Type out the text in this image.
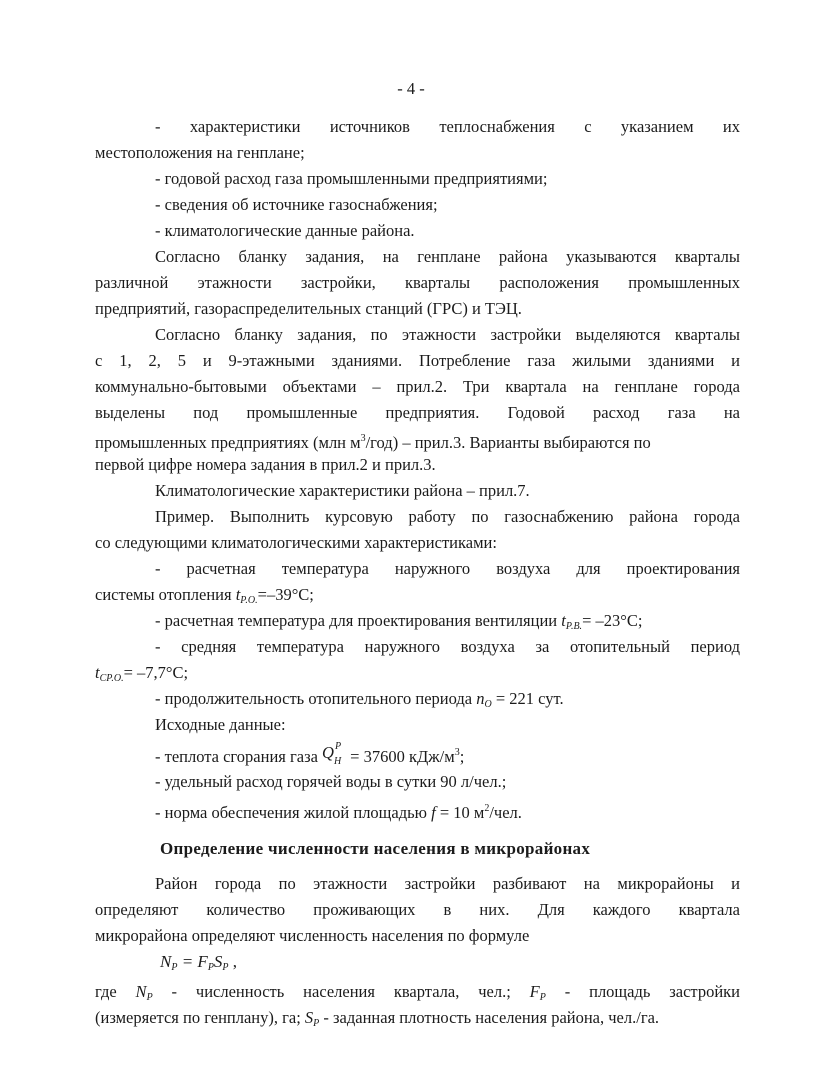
- 4 -
- характеристики источников теплоснабжения с указанием их
местоположения на генплане;
- годовой расход газа промышленными предприятиями;
- сведения об источнике газоснабжения;
- климатологические данные района.
Согласно бланку задания, на генплане района указываются кварталы
различной этажности застройки, кварталы расположения промышленных
предприятий, газораспределительных станций (ГРС) и ТЭЦ.
Согласно бланку задания, по этажности застройки выделяются кварталы
с 1, 2, 5 и 9-этажными зданиями. Потребление газа жилыми зданиями и
коммунально-бытовыми объектами – прил.2. Три квартала на генплане города
выделены под промышленные предприятия. Годовой расход газа на
промышленных предприятиях (млн $м^3/год$) – прил.3. Варианты выбираются по
первой цифре номера задания в прил.2 и прил.3.
Климатологические характеристики района – прил.7.
Пример. Выполнить курсовую работу по газоснабжению района города
со следующими климатологическими характеристиками:
- расчетная температура наружного воздуха для проектирования
системы отопления $t_{Р.О.}=-39^\circ С$;
- расчетная температура для проектирования вентиляции $t_{Р.В.}= -23^\circ С$;
- средняя температура наружного воздуха за отопительный период
$t_{СР.О.}= -7,7^\circ С$;
- продолжительность отопительного периода $n_О = 221$ сут.
Исходные данные:
- теплота сгорания газа Q Р
Н = 37600 кДж/$м^3$;
- удельный расход горячей воды в сутки 90 л/чел.;
- норма обеспечения жилой площадью f = 10 $м^2$/чел.
Определение численности населения в микрорайонах
Район города по этажности застройки разбивают на микрорайоны и
определяют количество проживающих в них. Для каждого квартала
микрорайона определяют численность населения по формуле
$N_Р = F_РS_Р$ ,
где $N_Р$ - численность населения квартала, чел.; $F_Р$ - площадь застройки
(измеряется по генплану), га; $S_Р$ - заданная плотность населения района, чел./га.
